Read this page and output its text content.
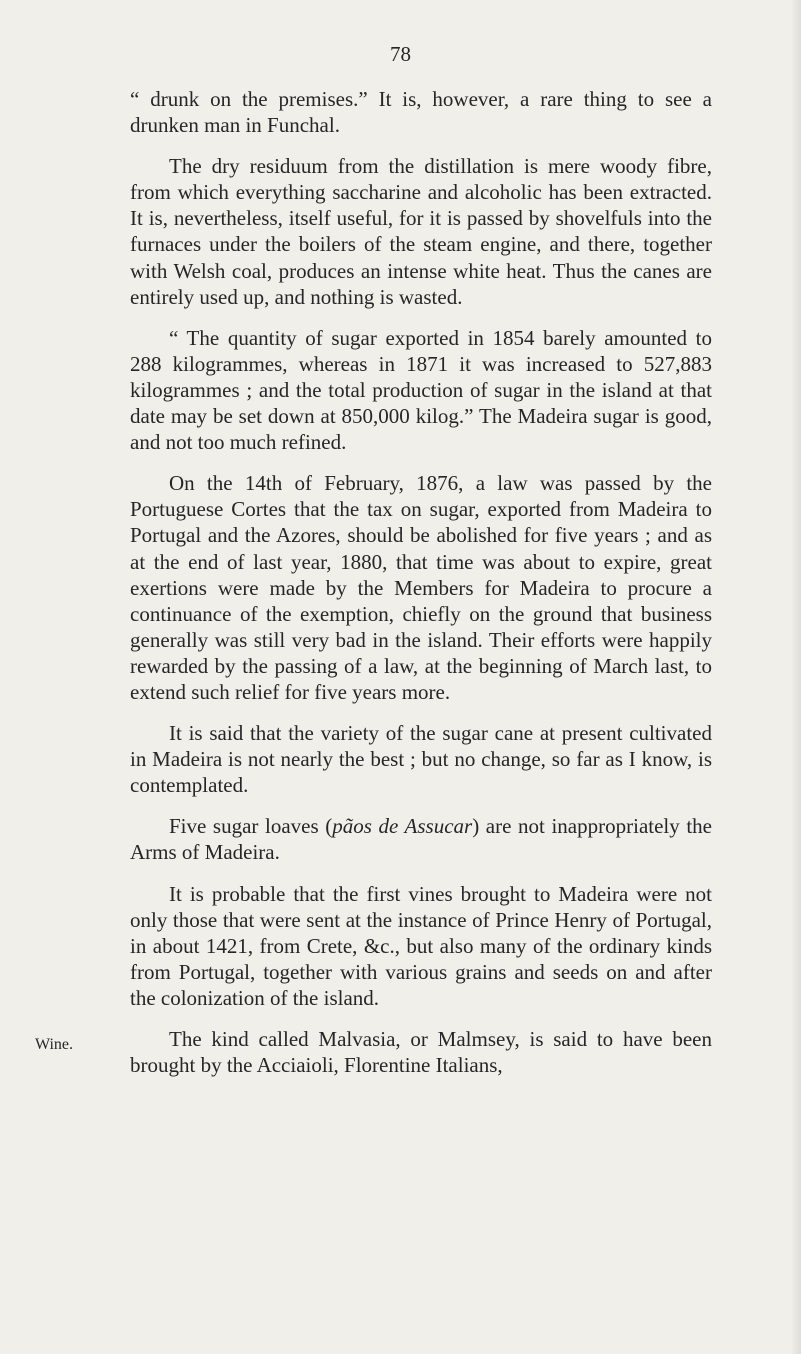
78

“ drunk on the premises.” It is, however, a rare thing to see a drunken man in Funchal.

The dry residuum from the distillation is mere woody fibre, from which everything saccharine and alcoholic has been extracted. It is, nevertheless, itself useful, for it is passed by shovelfuls into the furnaces under the boilers of the steam engine, and there, together with Welsh coal, produces an intense white heat. Thus the canes are entirely used up, and nothing is wasted.

“ The quantity of sugar exported in 1854 barely amounted to 288 kilogrammes, whereas in 1871 it was increased to 527,883 kilogrammes ; and the total production of sugar in the island at that date may be set down at 850,000 kilog.” The Madeira sugar is good, and not too much refined.

On the 14th of February, 1876, a law was passed by the Portuguese Cortes that the tax on sugar, exported from Madeira to Portugal and the Azores, should be abolished for five years ; and as at the end of last year, 1880, that time was about to expire, great exertions were made by the Members for Madeira to procure a continuance of the exemption, chiefly on the ground that business generally was still very bad in the island. Their efforts were happily rewarded by the passing of a law, at the beginning of March last, to extend such relief for five years more.

It is said that the variety of the sugar cane at present cultivated in Madeira is not nearly the best ; but no change, so far as I know, is contemplated.

Five sugar loaves (pãos de Assucar) are not inappropriately the Arms of Madeira.

It is probable that the first vines brought to Madeira were not only those that were sent at the instance of Prince Henry of Portugal, in about 1421, from Crete, &c., but also many of the ordinary kinds from Portugal, together with various grains and seeds on and after the colonization of the island.

The kind called Malvasia, or Malmsey, is said to have been brought by the Acciaioli, Florentine Italians,

Wine.
